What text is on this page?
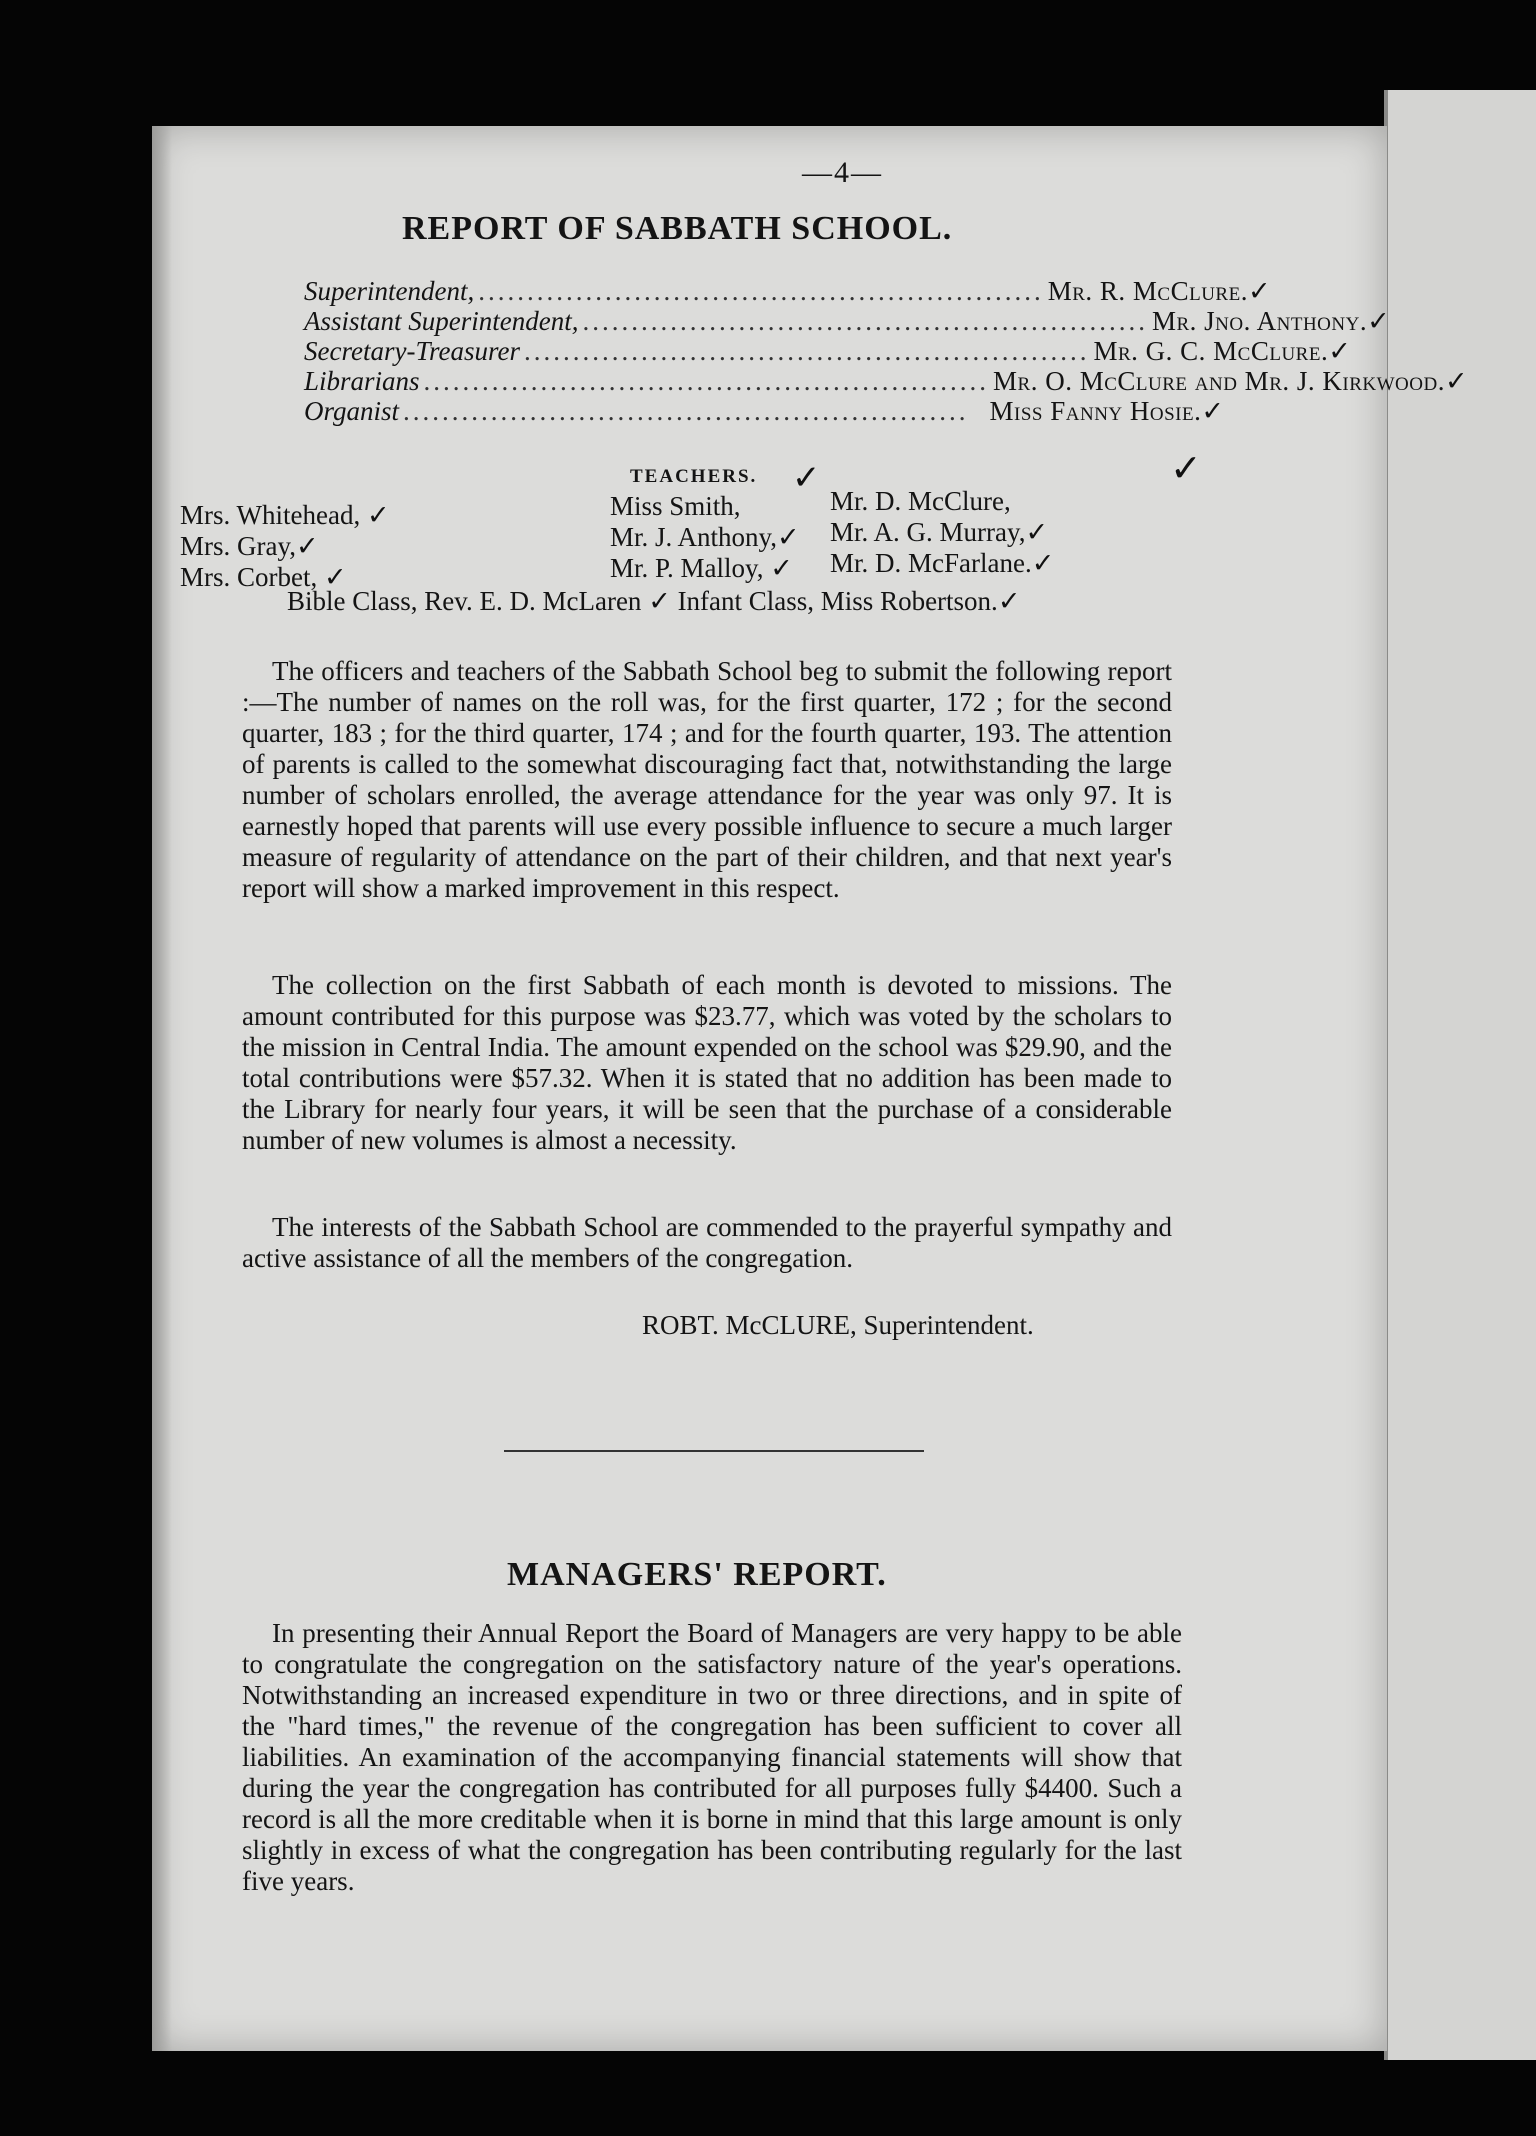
—4—
REPORT OF SABBATH SCHOOL.
Superintendent, .......................................................... Mr. R. McClure. ✓
Assistant Superintendent, .......................................................... Mr. Jno. Anthony. ✓
Secretary-Treasurer .......................................................... Mr. G. C. McClure. ✓
Librarians .......................................................... Mr. O. McClure and Mr. J. Kirkwood. ✓
Organist .......................................................... Miss Fanny Hosie. ✓
TEACHERS. ✓	✓
Mrs. Whitehead, ✓
Mrs. Gray,✓
Mrs. Corbet, ✓
Miss Smith,
Mr. J. Anthony,✓
Mr. P. Malloy, ✓
Mr. D. McClure,
Mr. A. G. Murray,✓
Mr. D. McFarlane.✓
Bible Class, Rev. E. D. McLaren ✓ Infant Class, Miss Robertson.✓

The officers and teachers of the Sabbath School beg to submit the following report :—The number of names on the roll was, for the first quarter, 172 ; for the second quarter, 183 ; for the third quarter, 174 ; and for the fourth quarter, 193. The attention of parents is called to the somewhat discouraging fact that, notwithstanding the large number of scholars enrolled, the average attendance for the year was only 97. It is earnestly hoped that parents will use every possible influence to secure a much larger measure of regularity of attendance on the part of their children, and that next year's report will show a marked improvement in this respect.

The collection on the first Sabbath of each month is devoted to missions. The amount contributed for this purpose was $23.77, which was voted by the scholars to the mission in Central India. The amount expended on the school was $29.90, and the total contributions were $57.32. When it is stated that no addition has been made to the Library for nearly four years, it will be seen that the purchase of a considerable number of new volumes is almost a necessity.

The interests of the Sabbath School are commended to the prayerful sympathy and active assistance of all the members of the congregation.

ROBT. McCLURE, Superintendent.
MANAGERS' REPORT.

In presenting their Annual Report the Board of Managers are very happy to be able to congratulate the congregation on the satisfactory nature of the year's operations. Notwithstanding an increased expenditure in two or three directions, and in spite of the "hard times," the revenue of the congregation has been sufficient to cover all liabilities. An examination of the accompanying financial statements will show that during the year the congregation has contributed for all purposes fully $4400. Such a record is all the more creditable when it is borne in mind that this large amount is only slightly in excess of what the congregation has been contributing regularly for the last five years.
